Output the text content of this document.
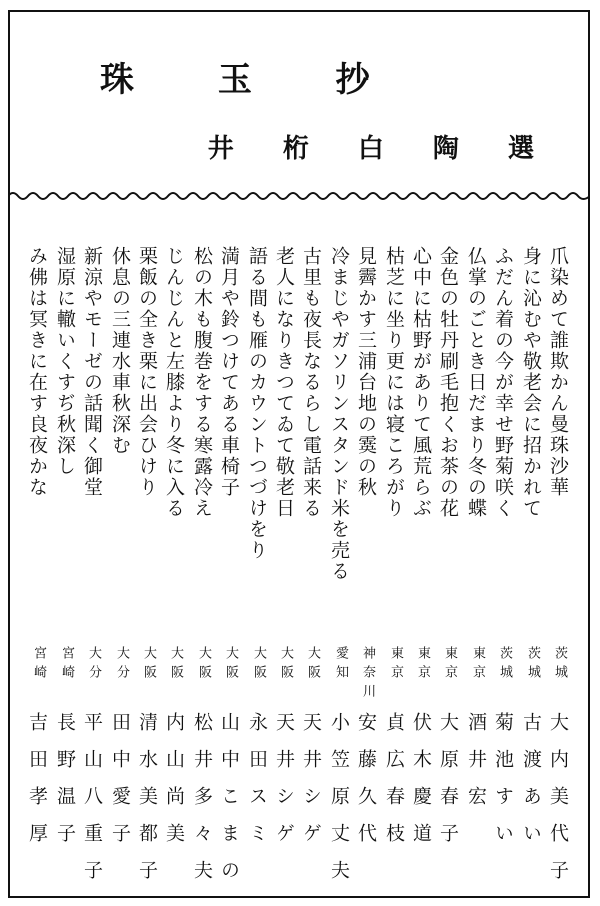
珠 玉 抄
井 桁 白 陶 選
爪染めて誰欺かん曼珠沙華
茨城
大内美代子
身に沁むや敬老会に招かれて
茨城
古渡あい
ふだん着の今が幸せ野菊咲く
茨城
菊池すい
仏掌のごとき日だまり冬の蝶
東京
酒井宏
金色の牡丹刷毛抱くお茶の花
東京
大原春子
心中に枯野がありて風荒らぶ
東京
伏木慶道
枯芝に坐り更には寝ころがり
東京
貞広春枝
見霽かす三浦台地の霙の秋
神奈川
安藤久代
冷まじやガソリンスタンド米を売る
愛知
小笠原丈夫
古里も夜長なるらし電話来る
大阪
天井シゲ
老人になりきつてゐて敬老日
大阪
天井シゲ
語る間も雁のカウントつづけをり
大阪
永田スミ
満月や鈴つけてある車椅子
大阪
山中こまの
松の木も腹巻をする寒露冷え
大阪
松井多々夫
じんじんと左膝より冬に入る
大阪
内山尚美
栗飯の全き栗に出会ひけり
大阪
清水美都子
休息の三連水車秋深む
大分
田中愛子
新涼やモーゼの話聞く御堂
大分
平山八重子
湿原に轍いくすぢ秋深し
宮崎
長野温子
み佛は冥きに在す良夜かな
宮崎
吉田孝厚
